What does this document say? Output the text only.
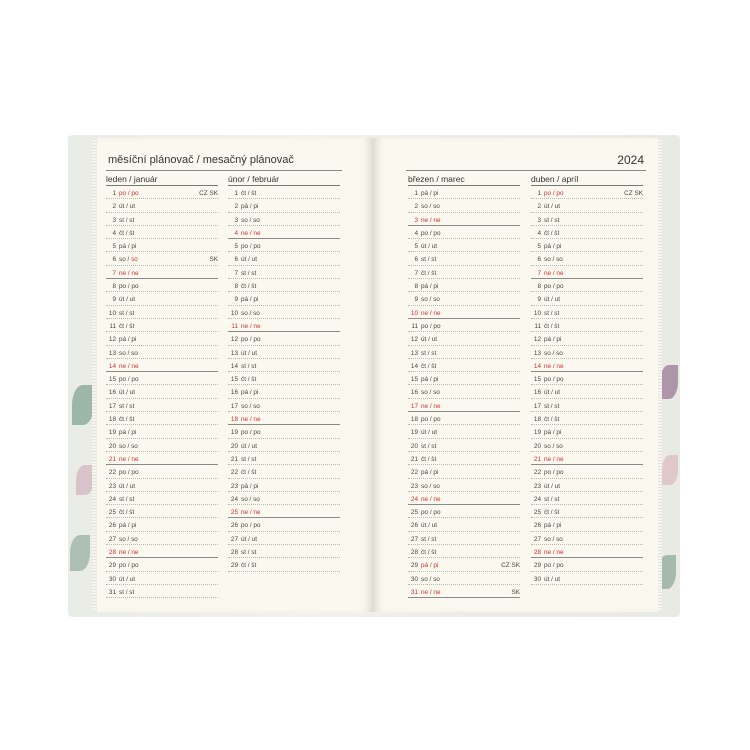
měsíční plánovač / mesačný plánovač	2024
leden / január
1 po / po	CZ SK
2 út / ut
3 st / st
4 čt / št
5 pá / pi
6 so / so	SK
7 ne / ne
8 po / po
9 út / ut
10 st / st
11 čt / št
12 pá / pi
13 so / so
14 ne / ne
15 po / po
16 út / ut
17 st / st
18 čt / št
19 pá / pi
20 so / so
21 ne / ne
22 po / po
23 út / ut
24 st / st
25 čt / št
26 pá / pi
27 so / so
28 ne / ne
29 po / po
30 út / ut
31 st / st
únor / február
1 čt / št
2 pá / pi
3 so / so
4 ne / ne
5 po / po
6 út / ut
7 st / st
8 čt / št
9 pá / pi
10 so / so
11 ne / ne
12 po / po
13 út / ut
14 st / st
15 čt / št
16 pá / pi
17 so / so
18 ne / ne
19 po / po
20 út / ut
21 st / st
22 čt / št
23 pá / pi
24 so / so
25 ne / ne
26 po / po
27 út / ut
28 st / st
29 čt / št
březen / marec
1 pá / pi
2 so / so
3 ne / ne
4 po / po
5 út / ut
6 st / st
7 čt / št
8 pá / pi
9 so / so
10 ne / ne
11 po / po
12 út / ut
13 st / st
14 čt / št
15 pá / pi
16 so / so
17 ne / ne
18 po / po
19 út / ut
20 st / st
21 čt / št
22 pá / pi
23 so / so
24 ne / ne
25 po / po
26 út / ut
27 st / st
28 čt / št
29 pá / pi	CZ SK
30 so / so
31 ne / ne	SK
duben / apríl
1 po / po	CZ SK
2 út / ut
3 st / st
4 čt / št
5 pá / pi
6 so / so
7 ne / ne
8 po / po
9 út / ut
10 st / st
11 čt / št
12 pá / pi
13 so / so
14 ne / ne
15 po / po
16 út / ut
17 st / st
18 čt / št
19 pá / pi
20 so / so
21 ne / ne
22 po / po
23 út / ut
24 st / st
25 čt / št
26 pá / pi
27 so / so
28 ne / ne
29 po / po
30 út / ut
